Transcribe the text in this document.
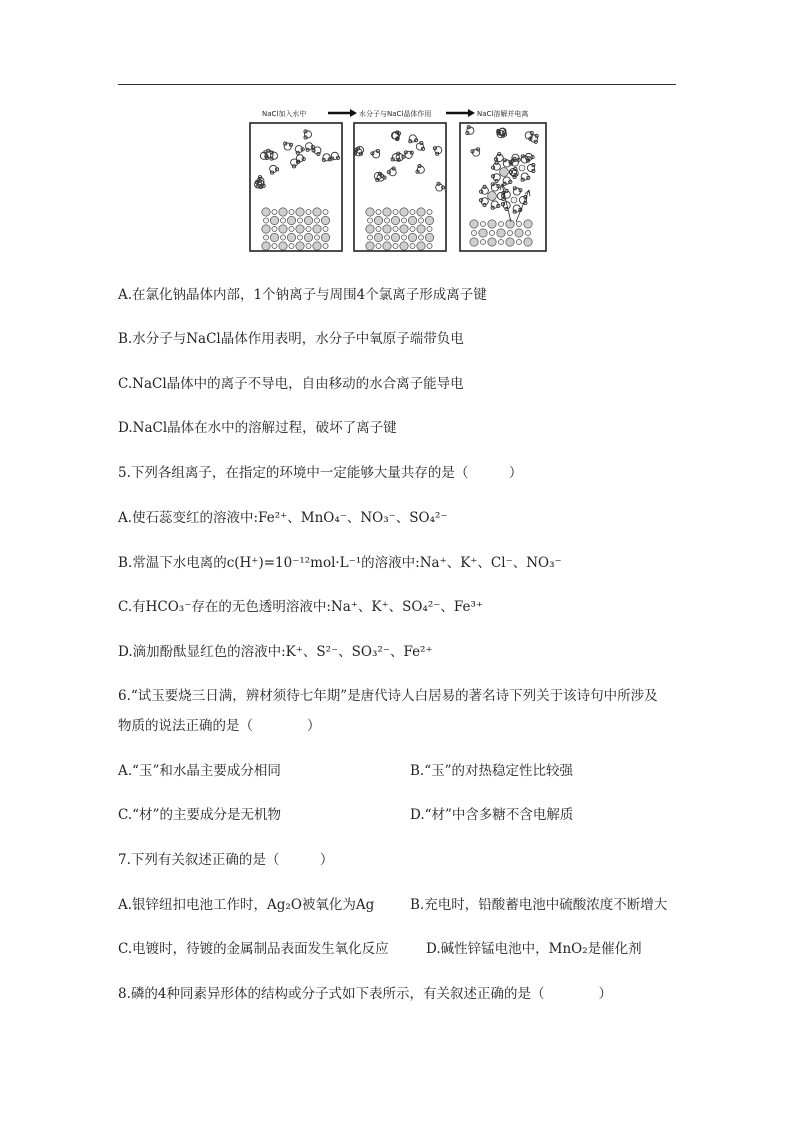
NaCl加入水中	水分子与NaCl晶体作用	NaCl溶解并电离
A.在氯化钠晶体内部，1个钠离子与周围4个氯离子形成离子键
B.水分子与NaCl晶体作用表明，水分子中氧原子端带负电
C.NaCl晶体中的离子不导电，自由移动的水合离子能导电
D.NaCl晶体在水中的溶解过程，破坏了离子键
5.下列各组离子，在指定的环境中一定能够大量共存的是（　　　）
A.使石蕊变红的溶液中:Fe²⁺、MnO₄⁻、NO₃⁻、SO₄²⁻
B.常温下水电离的c(H⁺)=10⁻¹²mol·L⁻¹的溶液中:Na⁺、K⁺、Cl⁻、NO₃⁻
C.有HCO₃⁻存在的无色透明溶液中:Na⁺、K⁺、SO₄²⁻、Fe³⁺
D.滴加酚酞显红色的溶液中:K⁺、S²⁻、SO₃²⁻、Fe²⁺
6.“试玉要烧三日满，辨材须待七年期”是唐代诗人白居易的著名诗下列关于该诗句中所涉及
物质的说法正确的是（　　　　）
A.“玉”和水晶主要成分相同	B.“玉”的对热稳定性比较强
C.“材”的主要成分是无机物	D.“材”中含多糖不含电解质
7.下列有关叙述正确的是（　　　）
A.银锌纽扣电池工作时，Ag₂O被氧化为Ag	B.充电时，铅酸蓄电池中硫酸浓度不断增大
C.电镀时，待镀的金属制品表面发生氧化反应	D.碱性锌锰电池中，MnO₂是催化剂
8.磷的4种同素异形体的结构或分子式如下表所示，有关叙述正确的是（　　　　）
